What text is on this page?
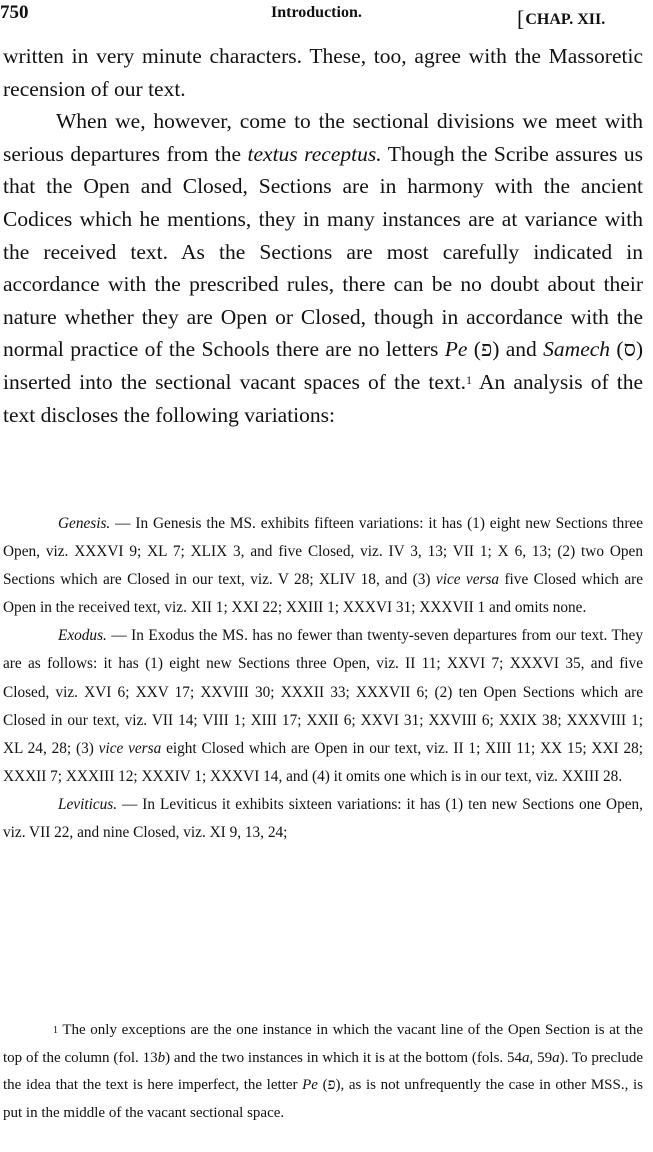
750	Introduction.	[CHAP. XII.

written in very minute characters. These, too, agree with the Massoretic recension of our text.

When we, however, come to the sectional divisions we meet with serious departures from the textus receptus. Though the Scribe assures us that the Open and Closed, Sections are in harmony with the ancient Codices which he mentions, they in many instances are at variance with the received text. As the Sections are most carefully indicated in accordance with the prescribed rules, there can be no doubt about their nature whether they are Open or Closed, though in accordance with the normal practice of the Schools there are no letters Pe (פ) and Samech (ס) inserted into the sectional vacant spaces of the text.$^1$ An analysis of the text discloses the following variations:

Genesis. — In Genesis the MS. exhibits fifteen variations: it has (1) eight new Sections three Open, viz. XXXVI 9; XL 7; XLIX 3, and five Closed, viz. IV 3, 13; VII 1; X 6, 13; (2) two Open Sections which are Closed in our text, viz. V 28; XLIV 18, and (3) vice versa five Closed which are Open in the received text, viz. XII 1; XXI 22; XXIII 1; XXXVI 31; XXXVII 1 and omits none.

Exodus. — In Exodus the MS. has no fewer than twenty-seven departures from our text. They are as follows: it has (1) eight new Sections three Open, viz. II 11; XXVI 7; XXXVI 35, and five Closed, viz. XVI 6; XXV 17; XXVIII 30; XXXII 33; XXXVII 6; (2) ten Open Sections which are Closed in our text, viz. VII 14; VIII 1; XIII 17; XXII 6; XXVI 31; XXVIII 6; XXIX 38; XXXVIII 1; XL 24, 28; (3) vice versa eight Closed which are Open in our text, viz. II 1; XIII 11; XX 15; XXI 28; XXXII 7; XXXIII 12; XXXIV 1; XXXVI 14, and (4) it omits one which is in our text, viz. XXIII 28.

Leviticus. — In Leviticus it exhibits sixteen variations: it has (1) ten new Sections one Open, viz. VII 22, and nine Closed, viz. XI 9, 13, 24;

$^1$ The only exceptions are the one instance in which the vacant line of the Open Section is at the top of the column (fol. 13b) and the two instances in which it is at the bottom (fols. 54a, 59a). To preclude the idea that the text is here imperfect, the letter Pe (פ), as is not unfrequently the case in other MSS., is put in the middle of the vacant sectional space.
